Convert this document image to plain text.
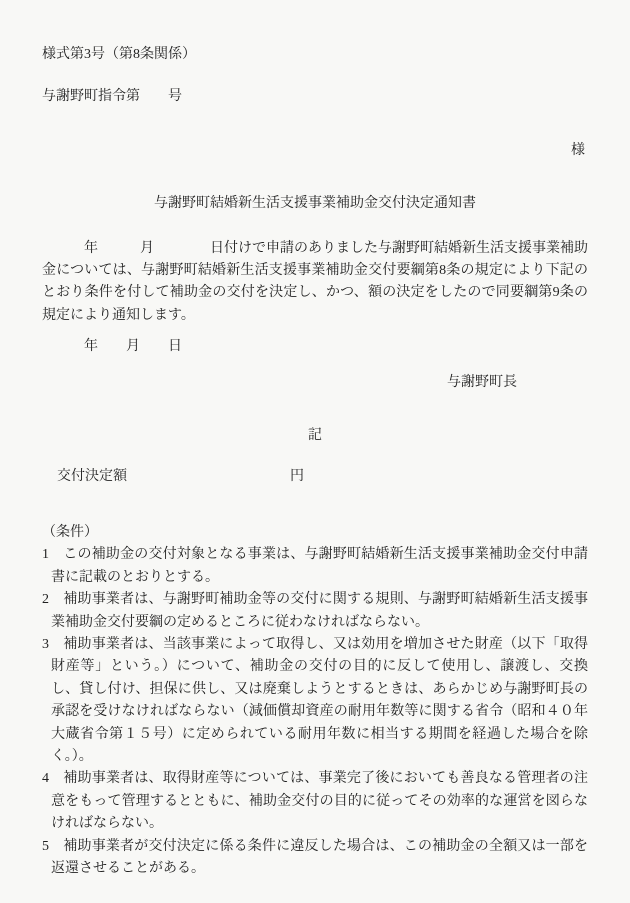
様式第3号（第8条関係）
与謝野町指令第　　号
様
与謝野町結婚新生活支援事業補助金交付決定通知書

　　　年　　　月　　　　日付けで申請のありました与謝野町結婚新生活支援事業補助金については、与謝野町結婚新生活支援事業補助金交付要綱第8条の規定により下記のとおり条件を付して補助金の交付を決定し、かつ、額の決定をしたので同要綱第9条の規定により通知します。

　　　年　　月　　日
与謝野町長
記
交付決定額	円
（条件）
1　この補助金の交付対象となる事業は、与謝野町結婚新生活支援事業補助金交付申請書に記載のとおりとする。
2　補助事業者は、与謝野町補助金等の交付に関する規則、与謝野町結婚新生活支援事業補助金交付要綱の定めるところに従わなければならない。
3　補助事業者は、当該事業によって取得し、又は効用を増加させた財産（以下「取得財産等」という。）について、補助金の交付の目的に反して使用し、譲渡し、交換し、貸し付け、担保に供し、又は廃棄しようとするときは、あらかじめ与謝野町長の承認を受けなければならない（減価償却資産の耐用年数等に関する省令（昭和４０年大蔵省令第１５号）に定められている耐用年数に相当する期間を経過した場合を除く。）。
4　補助事業者は、取得財産等については、事業完了後においても善良なる管理者の注意をもって管理するとともに、補助金交付の目的に従ってその効率的な運営を図らなければならない。
5　補助事業者が交付決定に係る条件に違反した場合は、この補助金の全額又は一部を返還させることがある。
